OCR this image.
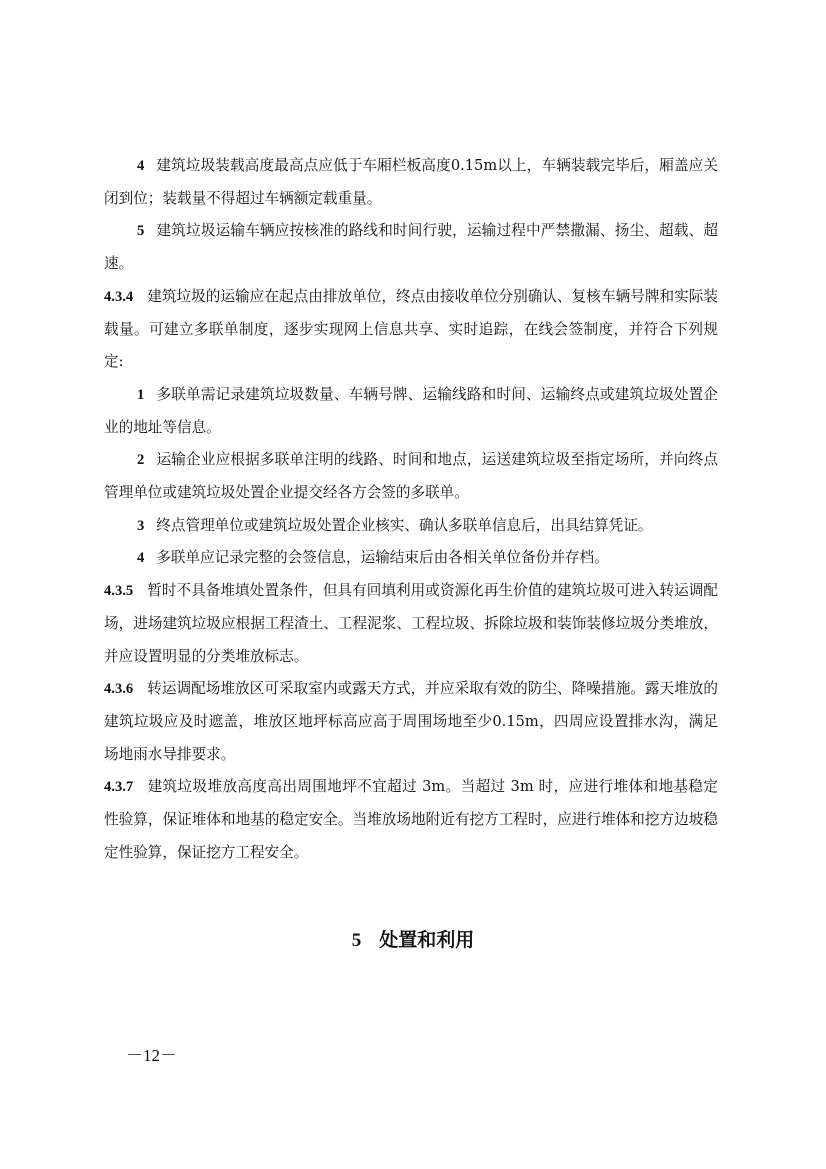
4 建筑垃圾装载高度最高点应低于车厢栏板高度0.15m以上，车辆装载完毕后，厢盖应关闭到位；装载量不得超过车辆额定载重量。

5 建筑垃圾运输车辆应按核准的路线和时间行驶，运输过程中严禁撒漏、扬尘、超载、超速。

4.3.4 建筑垃圾的运输应在起点由排放单位，终点由接收单位分别确认、复核车辆号牌和实际装载量。可建立多联单制度，逐步实现网上信息共享、实时追踪，在线会签制度，并符合下列规定:

1 多联单需记录建筑垃圾数量、车辆号牌、运输线路和时间、运输终点或建筑垃圾处置企业的地址等信息。

2 运输企业应根据多联单注明的线路、时间和地点，运送建筑垃圾至指定场所，并向终点管理单位或建筑垃圾处置企业提交经各方会签的多联单。

3 终点管理单位或建筑垃圾处置企业核实、确认多联单信息后，出具结算凭证。

4 多联单应记录完整的会签信息，运输结束后由各相关单位备份并存档。

4.3.5 暂时不具备堆填处置条件，但具有回填利用或资源化再生价值的建筑垃圾可进入转运调配场，进场建筑垃圾应根据工程渣土、工程泥浆、工程垃圾、拆除垃圾和装饰装修垃圾分类堆放，并应设置明显的分类堆放标志。

4.3.6 转运调配场堆放区可采取室内或露天方式，并应采取有效的防尘、降噪措施。露天堆放的建筑垃圾应及时遮盖，堆放区地坪标高应高于周围场地至少0.15m，四周应设置排水沟，满足场地雨水导排要求。

4.3.7 建筑垃圾堆放高度高出周围地坪不宜超过 3m。当超过 3m 时，应进行堆体和地基稳定性验算，保证堆体和地基的稳定安全。当堆放场地附近有挖方工程时，应进行堆体和挖方边坡稳定性验算，保证挖方工程安全。

5 处置和利用
－12－
